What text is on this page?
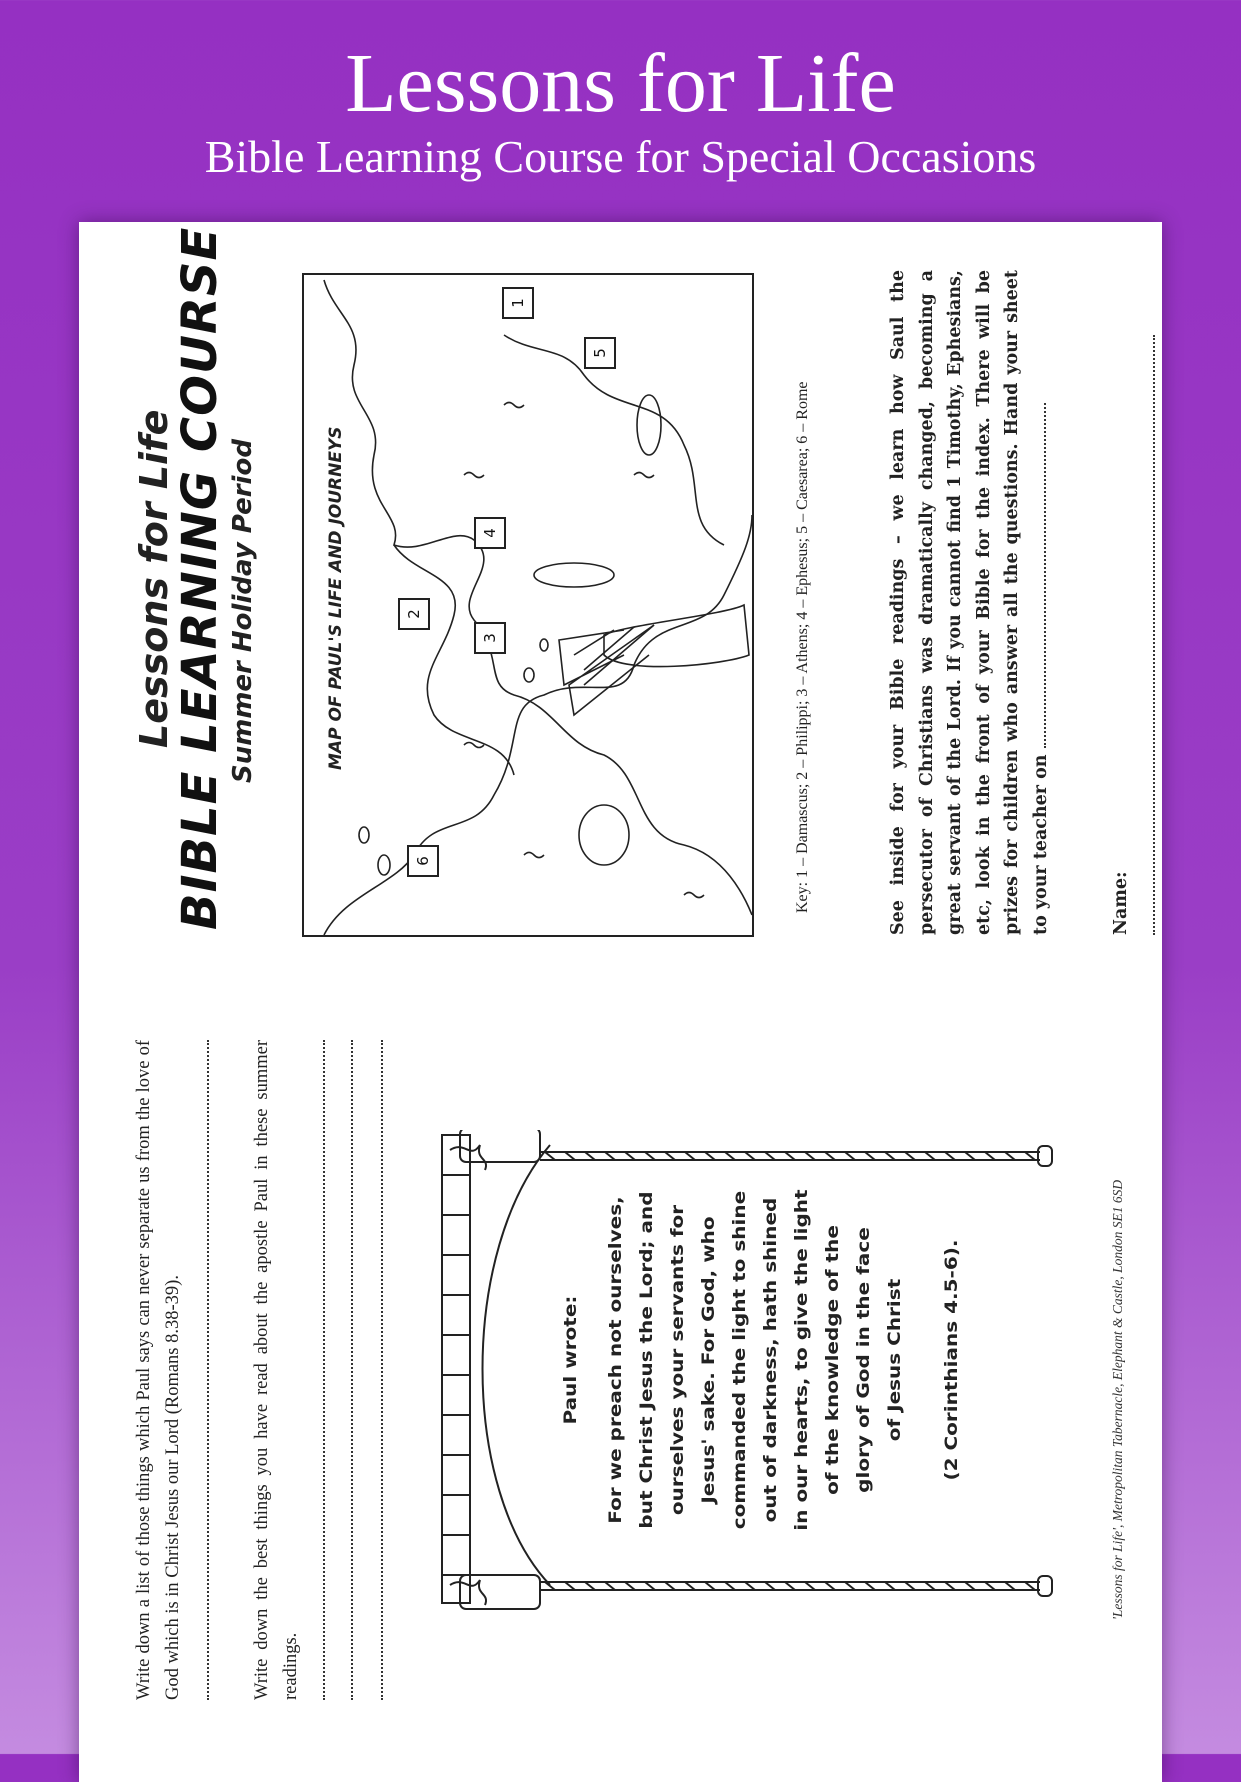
Lessons for Life
Bible Learning Course for Special Occasions
Lessons for Life
BIBLE LEARNING COURSE Summer Holiday Period	MAP OF PAUL'S LIFE AND JOURNEYS
1
2
3
4
5
6	Key: 1 – Damascus; 2 – Philippi; 3 – Athens; 4 – Ephesus; 5 – Caesarea; 6 – Rome	See inside for your Bible readings – we learn how Saul the persecutor of Christians was dramatically changed, becoming a great servant of the Lord. If you cannot find 1 Timothy, Ephesians, etc, look in the front of your Bible for the index. There will be prizes for children who answer all the questions. Hand your sheet to your teacher on	Name:
Write down a list of those things which Paul says can never separate us from the love of God which is in Christ Jesus our Lord (Romans 8.38-39).	Write down the best things you have read about the apostle Paul in these summer readings.
Paul wrote: For we preach not ourselves, but Christ Jesus the Lord; and ourselves your servants for Jesus' sake. For God, who commanded the light to shine out of darkness, hath shined in our hearts, to give the light of the knowledge of the glory of God in the face of Jesus Christ (2 Corinthians 4.5-6).	'Lessons for Life', Metropolitan Tabernacle, Elephant & Castle, London SE1 6SD
